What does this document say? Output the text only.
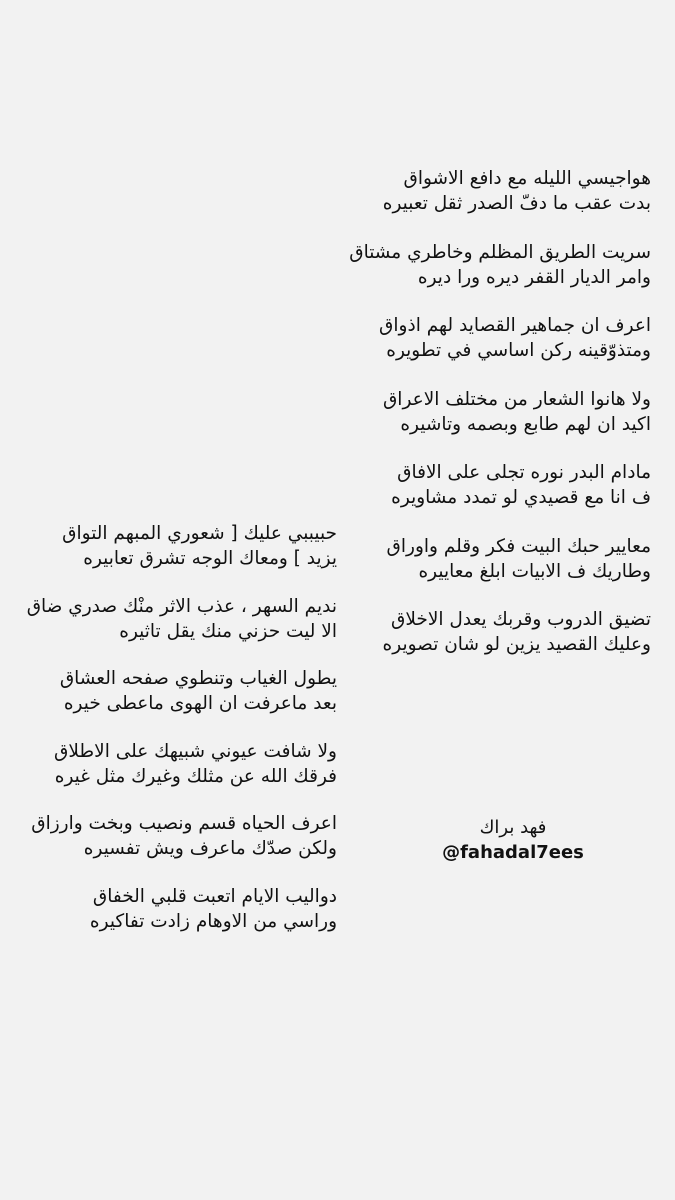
هواجيسي الليله مع دافع الاشواق
بدت عقب ما دفّ الصدر ثقل تعبيره
سريت الطريق المظلم وخاطري مشتاق
وامر الديار القفر ديره ورا ديره
اعرف ان جماهير القصايد لهم اذواق
ومتذوّقينه ركن اساسي في تطويره
ولا هانوا الشعار من مختلف الاعراق
اكيد ان لهم طابع وبصمه وتاشيره
مادام البدر نوره تجلى على الافاق
ف انا مع قصيدي لو تمدد مشاويره
معايير حبك البيت فكر وقلم واوراق
وطاريك ف الابيات ابلغ معاييره
تضيق الدروب وقربك يعدل الاخلاق
وعليك القصيد يزين لو شان تصويره
حبيببي عليك [ شعوري المبهم التواق
يزيد ] ومعاك الوجه تشرق تعابيره
نديم السهر ، عذب الاثر منْك صدري ضاق
الا ليت حزني منك يقل تاثيره
يطول الغياب وتنطوي صفحه العشاق
بعد ماعرفت ان الهوى ماعطى خيره
ولا شافت عيوني شبيهك على الاطلاق
فرقك الله عن مثلك وغيرك مثل غيره
اعرف الحياه قسم ونصيب وبخت وارزاق
ولكن صدّك ماعرف ويش تفسيره
دواليب الايام اتعبت قلبي الخفاق
وراسي من الاوهام زادت تفاكيره
فهد براك
@fahadal7ees
